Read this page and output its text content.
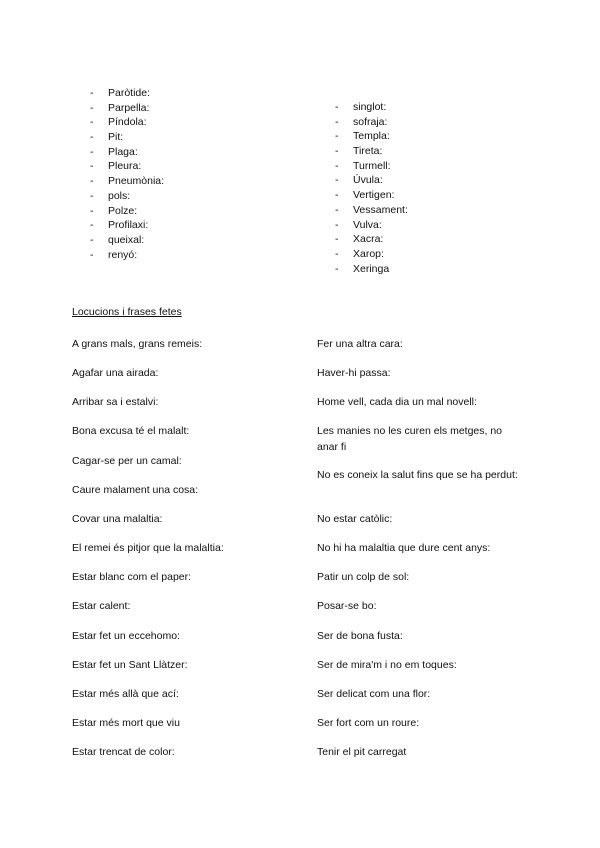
- Paròtide:
- Parpella:
- Píndola:
- Pit:
- Plaga:
- Pleura:
- Pneumònia:
- pols:
- Polze:
- Profilaxi:
- queixal:
- renyó:
- singlot:
- sofraja:
- Templa:
- Tireta:
- Turmell:
- Úvula:
- Vertigen:
- Vessament:
- Vulva:
- Xacra:
- Xarop:
- Xeringa
Locucions i frases fetes
A grans mals, grans remeis:
Agafar una airada:
Arribar sa i estalvi:
Bona excusa té el malalt:
Cagar-se per un camal:
Caure malament una cosa:
Covar una malaltia:
El remei és pitjor que la malaltia:
Estar blanc com el paper:
Estar calent:
Estar fet un eccehomo:
Estar fet un Sant Llàtzer:
Estar més allà que ací:
Estar més mort que viu
Estar trencat de color:
Fer una altra cara:
Haver-hi passa:
Home vell, cada dia un mal novell:
Les manies no les curen els metges, no anar fi
No es coneix la salut fins que se ha perdut:
No estar catòlic:
No hi ha malaltia que dure cent anys:
Patir un colp de sol:
Posar-se bo:
Ser de bona fusta:
Ser de mira'm i no em toques:
Ser delicat com una flor:
Ser fort com un roure:
Tenir el pit carregat
